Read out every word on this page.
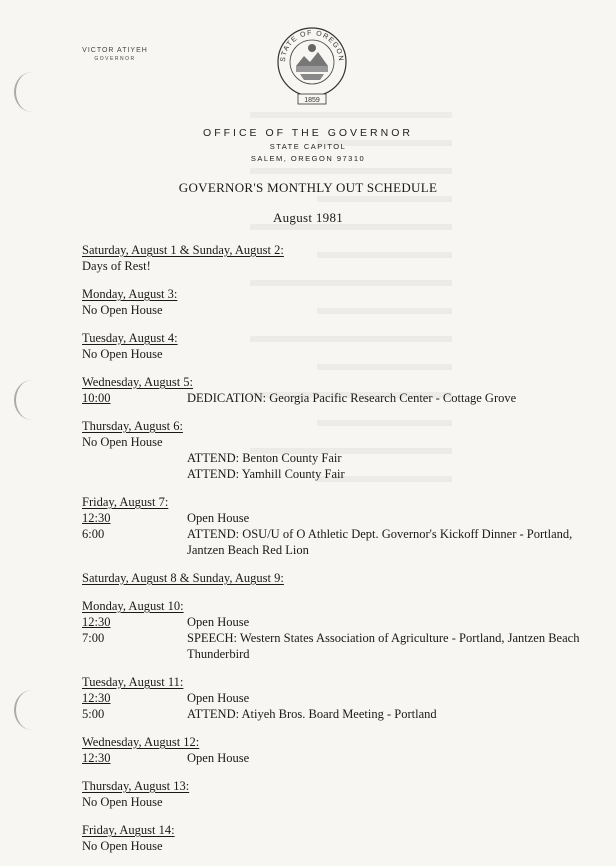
VICTOR ATIYEH
GOVERNOR	STATE OF OREGON
1859
OFFICE OF THE GOVERNOR
STATE CAPITOL
SALEM, OREGON 97310
GOVERNOR'S MONTHLY OUT SCHEDULE
August 1981
Saturday, August 1 & Sunday, August 2:
Days of Rest!
Monday, August 3:
No Open House
Tuesday, August 4:
No Open House
Wednesday, August 5:
10:00	DEDICATION: Georgia Pacific Research Center - Cottage Grove
Thursday, August 6:
No Open House
ATTEND: Benton County Fair
ATTEND: Yamhill County Fair
Friday, August 7:
12:30	Open House
6:00	ATTEND: OSU/U of O Athletic Dept. Governor's Kickoff Dinner - Portland, Jantzen Beach Red Lion
Saturday, August 8 & Sunday, August 9:
Monday, August 10:
12:30	Open House
7:00	SPEECH: Western States Association of Agriculture - Portland, Jantzen Beach Thunderbird
Tuesday, August 11:
12:30	Open House
5:00	ATTEND: Atiyeh Bros. Board Meeting - Portland
Wednesday, August 12:
12:30	Open House
Thursday, August 13:
No Open House
Friday, August 14:
No Open House
